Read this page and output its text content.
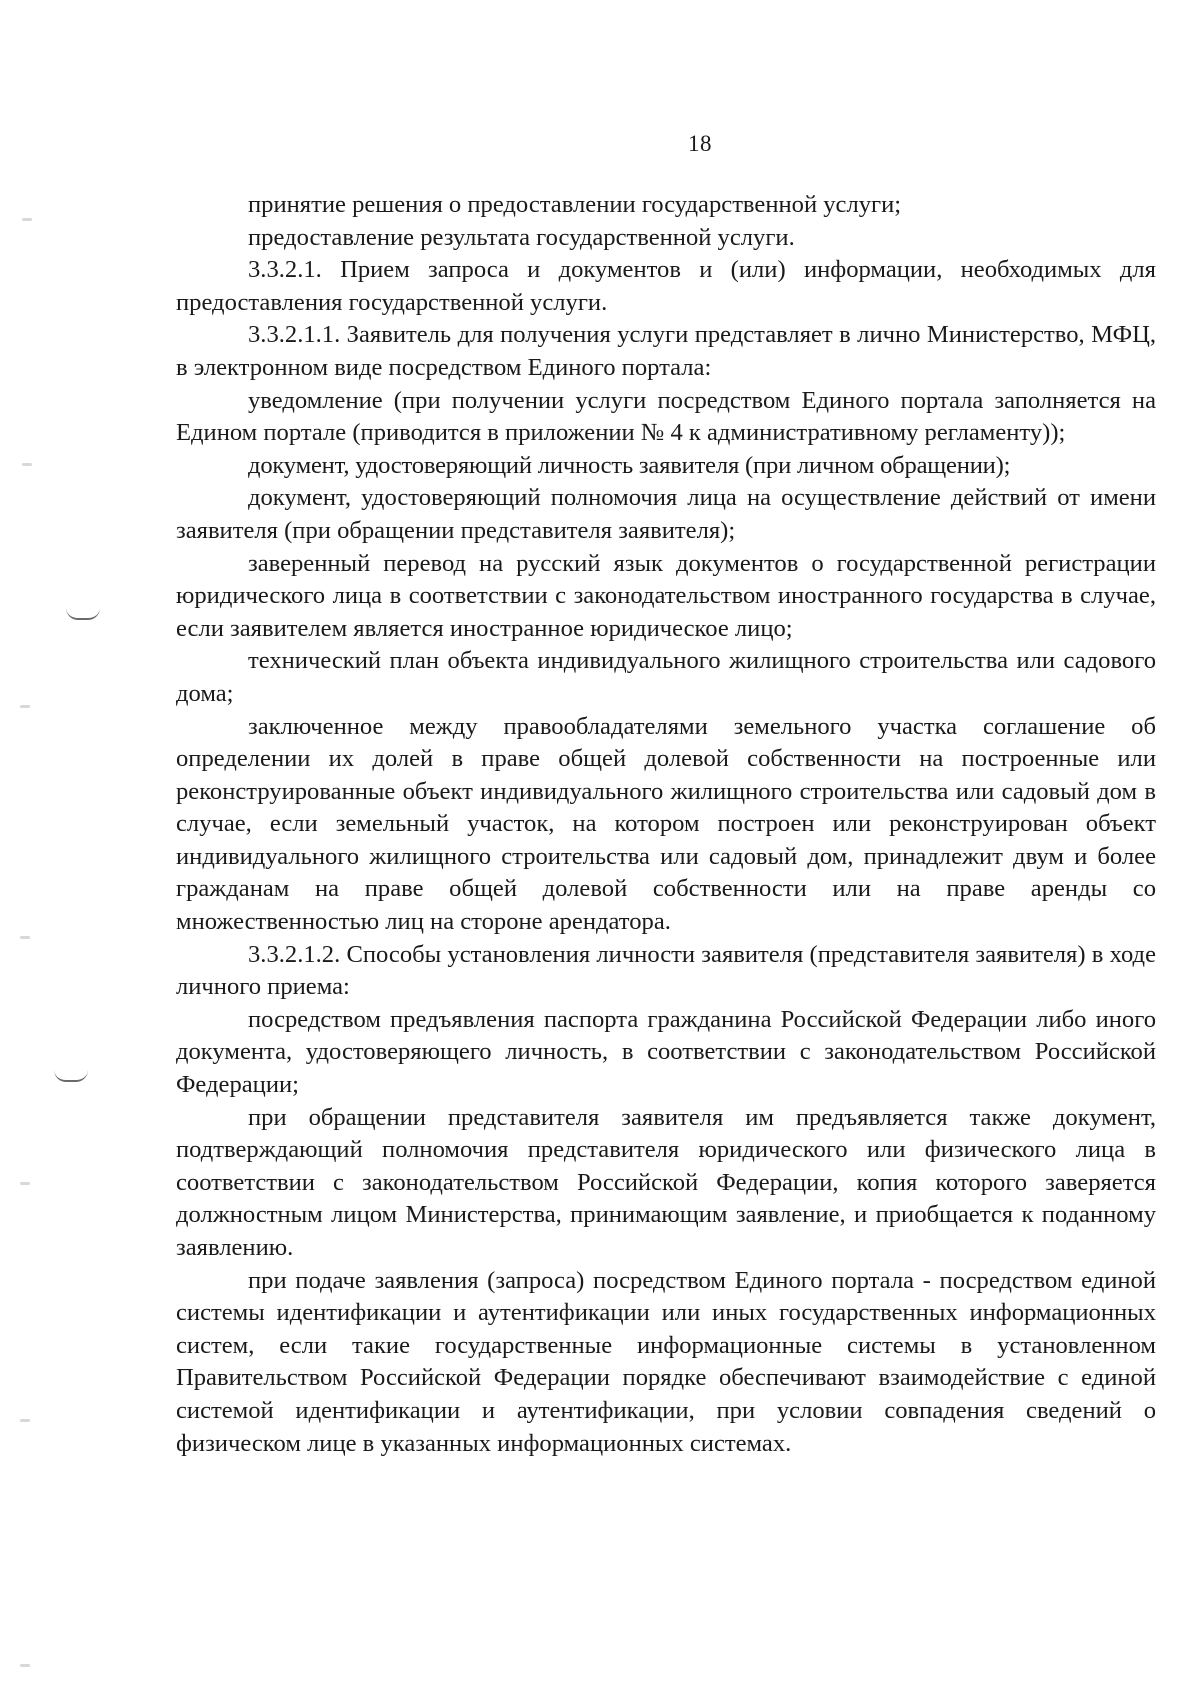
18

принятие решения о предоставлении государственной услуги;

предоставление результата государственной услуги.

3.3.2.1. Прием запроса и документов и (или) информации, необходимых для предоставления государственной услуги.

3.3.2.1.1. Заявитель для получения услуги представляет в лично Министерство, МФЦ, в электронном виде посредством Единого портала:

уведомление (при получении услуги посредством Единого портала заполняется на Едином портале (приводится в приложении № 4 к административному регламенту));

документ, удостоверяющий личность заявителя (при личном обращении);

документ, удостоверяющий полномочия лица на осуществление действий от имени заявителя (при обращении представителя заявителя);

заверенный перевод на русский язык документов о государственной регистрации юридического лица в соответствии с законодательством иностранного государства в случае, если заявителем является иностранное юридическое лицо;

технический план объекта индивидуального жилищного строительства или садового дома;

заключенное между правообладателями земельного участка соглашение об определении их долей в праве общей долевой собственности на построенные или реконструированные объект индивидуального жилищного строительства или садовый дом в случае, если земельный участок, на котором построен или реконструирован объект индивидуального жилищного строительства или садовый дом, принадлежит двум и более гражданам на праве общей долевой собственности или на праве аренды со множественностью лиц на стороне арендатора.

3.3.2.1.2. Способы установления личности заявителя (представителя заявителя) в ходе личного приема:

посредством предъявления паспорта гражданина Российской Федерации либо иного документа, удостоверяющего личность, в соответствии с законодательством Российской Федерации;

при обращении представителя заявителя им предъявляется также документ, подтверждающий полномочия представителя юридического или физического лица в соответствии с законодательством Российской Федерации, копия которого заверяется должностным лицом Министерства, принимающим заявление, и приобщается к поданному заявлению.

при подаче заявления (запроса) посредством Единого портала - посредством единой системы идентификации и аутентификации или иных государственных информационных систем, если такие государственные информационные системы в установленном Правительством Российской Федерации порядке обеспечивают взаимодействие с единой системой идентификации и аутентификации, при условии совпадения сведений о физическом лице в указанных информационных системах.
